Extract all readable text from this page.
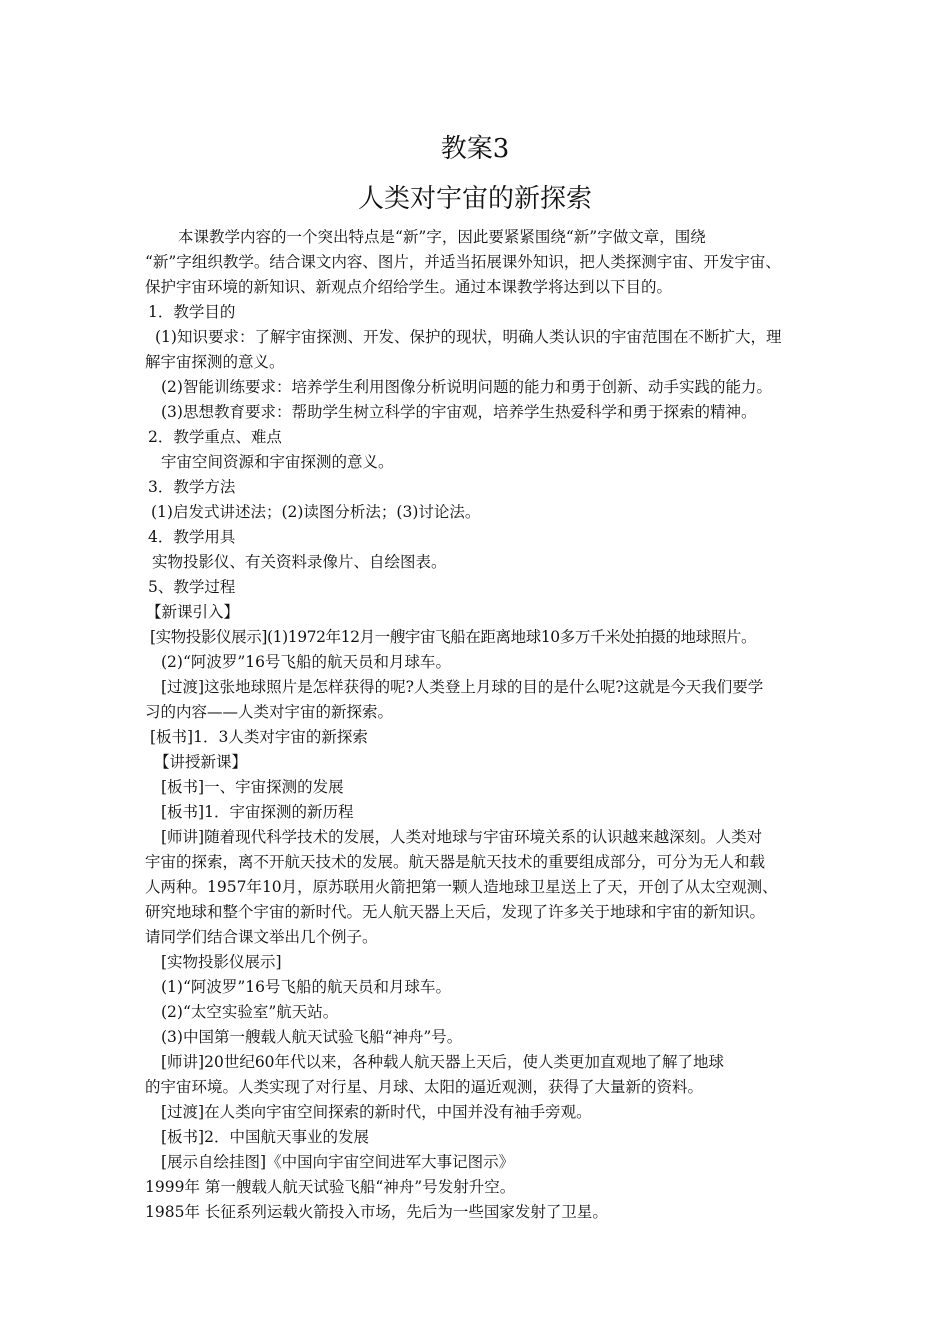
教案3
人类对宇宙的新探索
本课教学内容的一个突出特点是“新”字，因此要紧紧围绕“新”字做文章，围绕
“新”字组织教学。结合课文内容、图片，并适当拓展课外知识，把人类探测宇宙、开发宇宙、
保护宇宙环境的新知识、新观点介绍给学生。通过本课教学将达到以下目的。
1．教学目的
(1)知识要求：了解宇宙探测、开发、保护的现状，明确人类认识的宇宙范围在不断扩大，理
解宇宙探测的意义。
(2)智能训练要求：培养学生利用图像分析说明问题的能力和勇于创新、动手实践的能力。
(3)思想教育要求：帮助学生树立科学的宇宙观，培养学生热爱科学和勇于探索的精神。
2．教学重点、难点
宇宙空间资源和宇宙探测的意义。
3．教学方法
(1)启发式讲述法；(2)读图分析法；(3)讨论法。
4．教学用具
实物投影仪、有关资料录像片、自绘图表。
5、教学过程
【新课引入】
[实物投影仪展示](1)1972年12月一艘宇宙飞船在距离地球10多万千米处拍摄的地球照片。
(2)“阿波罗”16号飞船的航天员和月球车。
[过渡]这张地球照片是怎样获得的呢?人类登上月球的目的是什么呢?这就是今天我们要学
习的内容——人类对宇宙的新探索。
[板书]1．3人类对宇宙的新探索
【讲授新课】
[板书]一、宇宙探测的发展
[板书]1．宇宙探测的新历程
[师讲]随着现代科学技术的发展，人类对地球与宇宙环境关系的认识越来越深刻。人类对
宇宙的探索，离不开航天技术的发展。航天器是航天技术的重要组成部分，可分为无人和载
人两种。1957年10月，原苏联用火箭把第一颗人造地球卫星送上了天，开创了从太空观测、
研究地球和整个宇宙的新时代。无人航天器上天后，发现了许多关于地球和宇宙的新知识。
请同学们结合课文举出几个例子。
[实物投影仪展示]
(1)“阿波罗”16号飞船的航天员和月球车。
(2)“太空实验室”航天站。
(3)中国第一艘载人航天试验飞船“神舟”号。
[师讲]20世纪60年代以来，各种载人航天器上天后，使人类更加直观地了解了地球
的宇宙环境。人类实现了对行星、月球、太阳的逼近观测，获得了大量新的资料。
[过渡]在人类向宇宙空间探索的新时代，中国并没有袖手旁观。
[板书]2．中国航天事业的发展
[展示自绘挂图]《中国向宇宙空间进军大事记图示》
1999年 第一艘载人航天试验飞船“神舟”号发射升空。
1985年 长征系列运载火箭投入市场，先后为一些国家发射了卫星。
